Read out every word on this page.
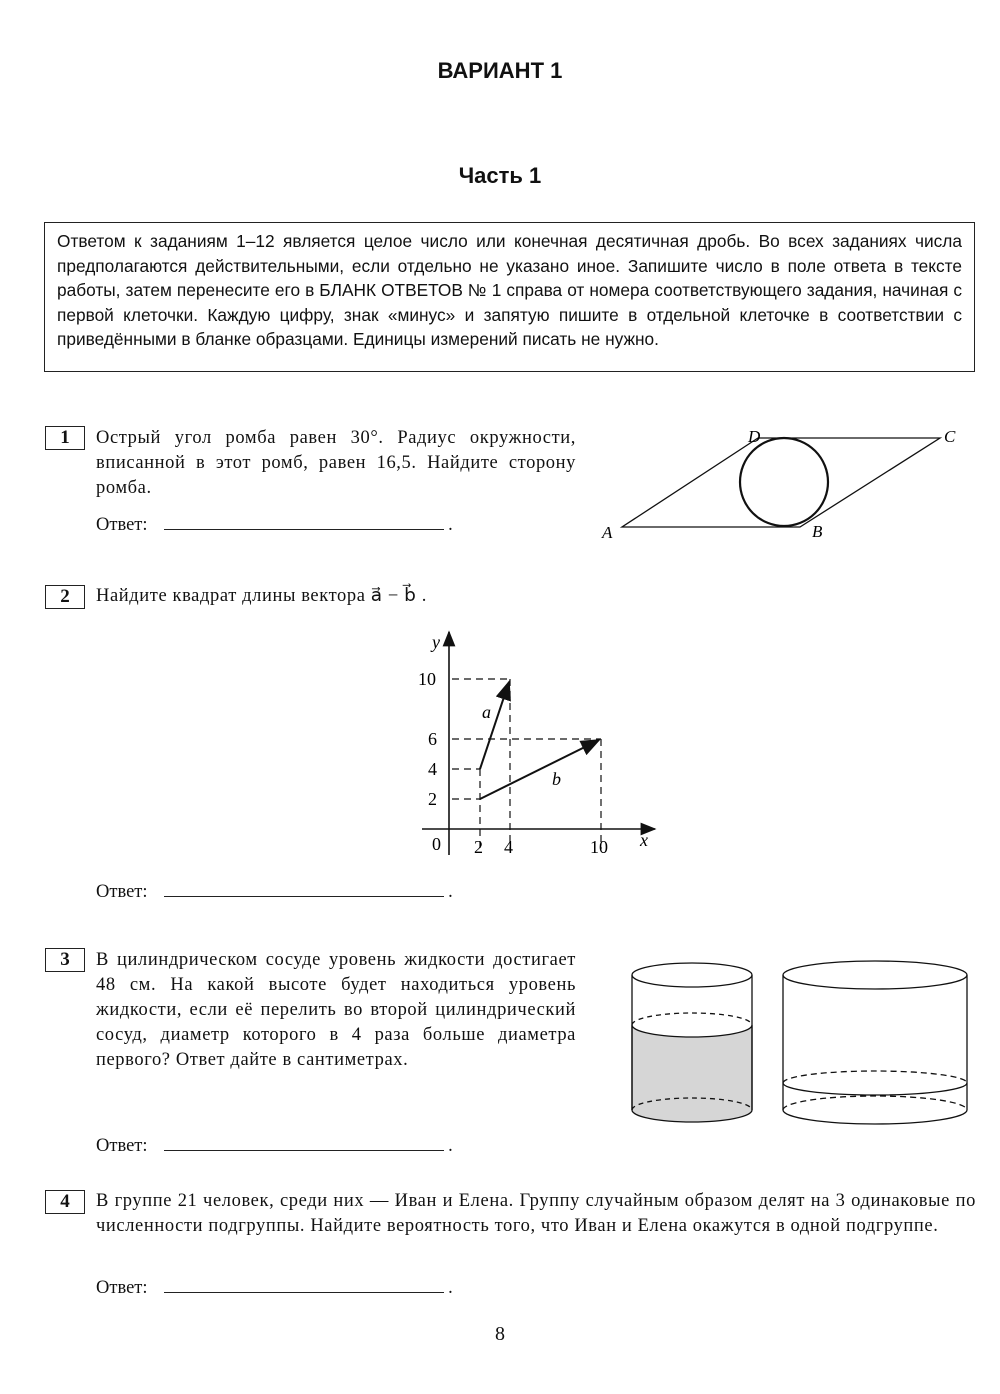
ВАРИАНТ 1
Часть 1
Ответом к заданиям 1–12 является целое число или конечная десятичная дробь. Во всех заданиях числа предполагаются действительными, если отдельно не указано иное. Запишите число в поле ответа в тексте работы, затем перенесите его в БЛАНК ОТВЕТОВ № 1 справа от номера соответствующего задания, начиная с первой клеточки. Каждую цифру, знак «минус» и запятую пишите в отдельной клеточке в соответствии с приведёнными в бланке образцами. Единицы измерений писать не нужно.
1	Острый угол ромба равен 30°. Радиус окружности, вписанной в этот ромб, равен 16,5. Найдите сторону ромба.
Ответ:	.	A	B
C
D
2	Найдите квадрат длины вектора a⃗ − b⃗ .
y
x
0 2 4	10
2
4
6
10
a⃗
b⃗
Ответ:	.
3	В цилиндрическом сосуде уровень жидкости достигает 48 см. На какой высоте будет находиться уровень жидкости, если её перелить во второй цилиндрический сосуд, диаметр которого в 4 раза больше диаметра первого? Ответ дайте в сантиметрах.
Ответ:	.
4	В группе 21 человек, среди них — Иван и Елена. Группу случайным образом делят на 3 одинаковые по численности подгруппы. Найдите вероятность того, что Иван и Елена окажутся в одной подгруппе.
Ответ:	.
8
